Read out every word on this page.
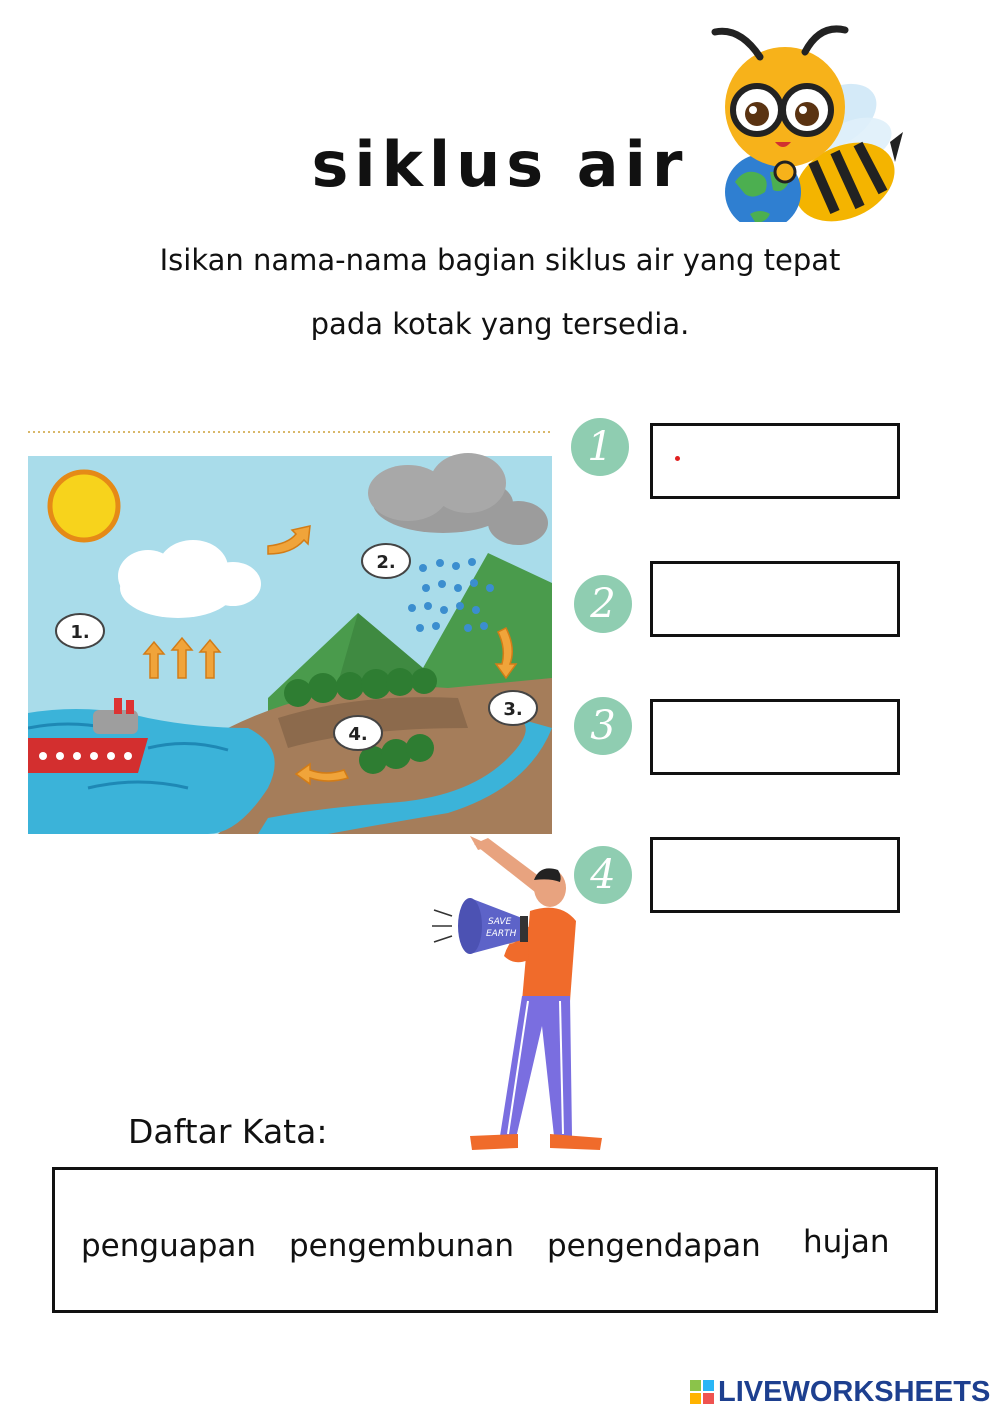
siklus air
Isikan nama-nama bagian siklus air yang tepat
pada kotak yang tersedia.
1.
2.
3.
4.
1
2
3
4
SAVE
EARTH
Daftar Kata:
penguapan pengembunan pengendapan hujan
LIVEWORKSHEETS
